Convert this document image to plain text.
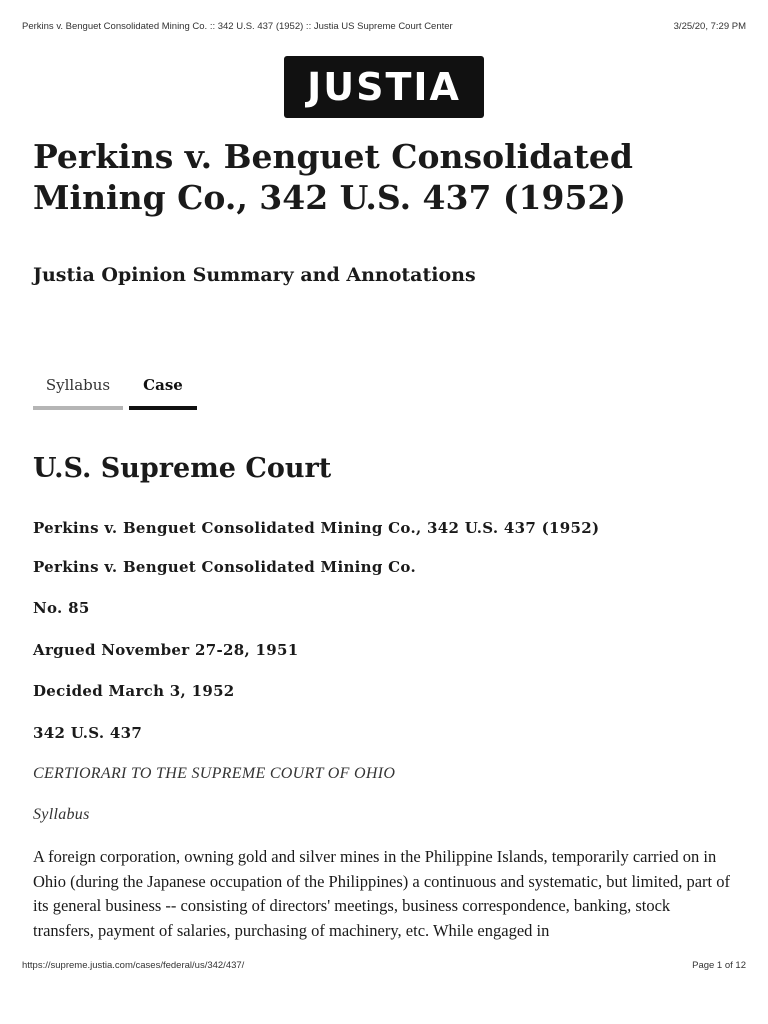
Perkins v. Benguet Consolidated Mining Co. :: 342 U.S. 437 (1952) :: Justia US Supreme Court Center	3/25/20, 7:29 PM
JUSTIA
Perkins v. Benguet Consolidated Mining Co., 342 U.S. 437 (1952)
Justia Opinion Summary and Annotations
Syllabus Case
U.S. Supreme Court

Perkins v. Benguet Consolidated Mining Co., 342 U.S. 437 (1952)

Perkins v. Benguet Consolidated Mining Co.

No. 85

Argued November 27-28, 1951

Decided March 3, 1952

342 U.S. 437

CERTIORARI TO THE SUPREME COURT OF OHIO

Syllabus

A foreign corporation, owning gold and silver mines in the Philippine Islands, temporarily carried on in Ohio (during the Japanese occupation of the Philippines) a continuous and systematic, but limited, part of its general business -- consisting of directors' meetings, business correspondence, banking, stock transfers, payment of salaries, purchasing of machinery, etc. While engaged in

https://supreme.justia.com/cases/federal/us/342/437/	Page 1 of 12
